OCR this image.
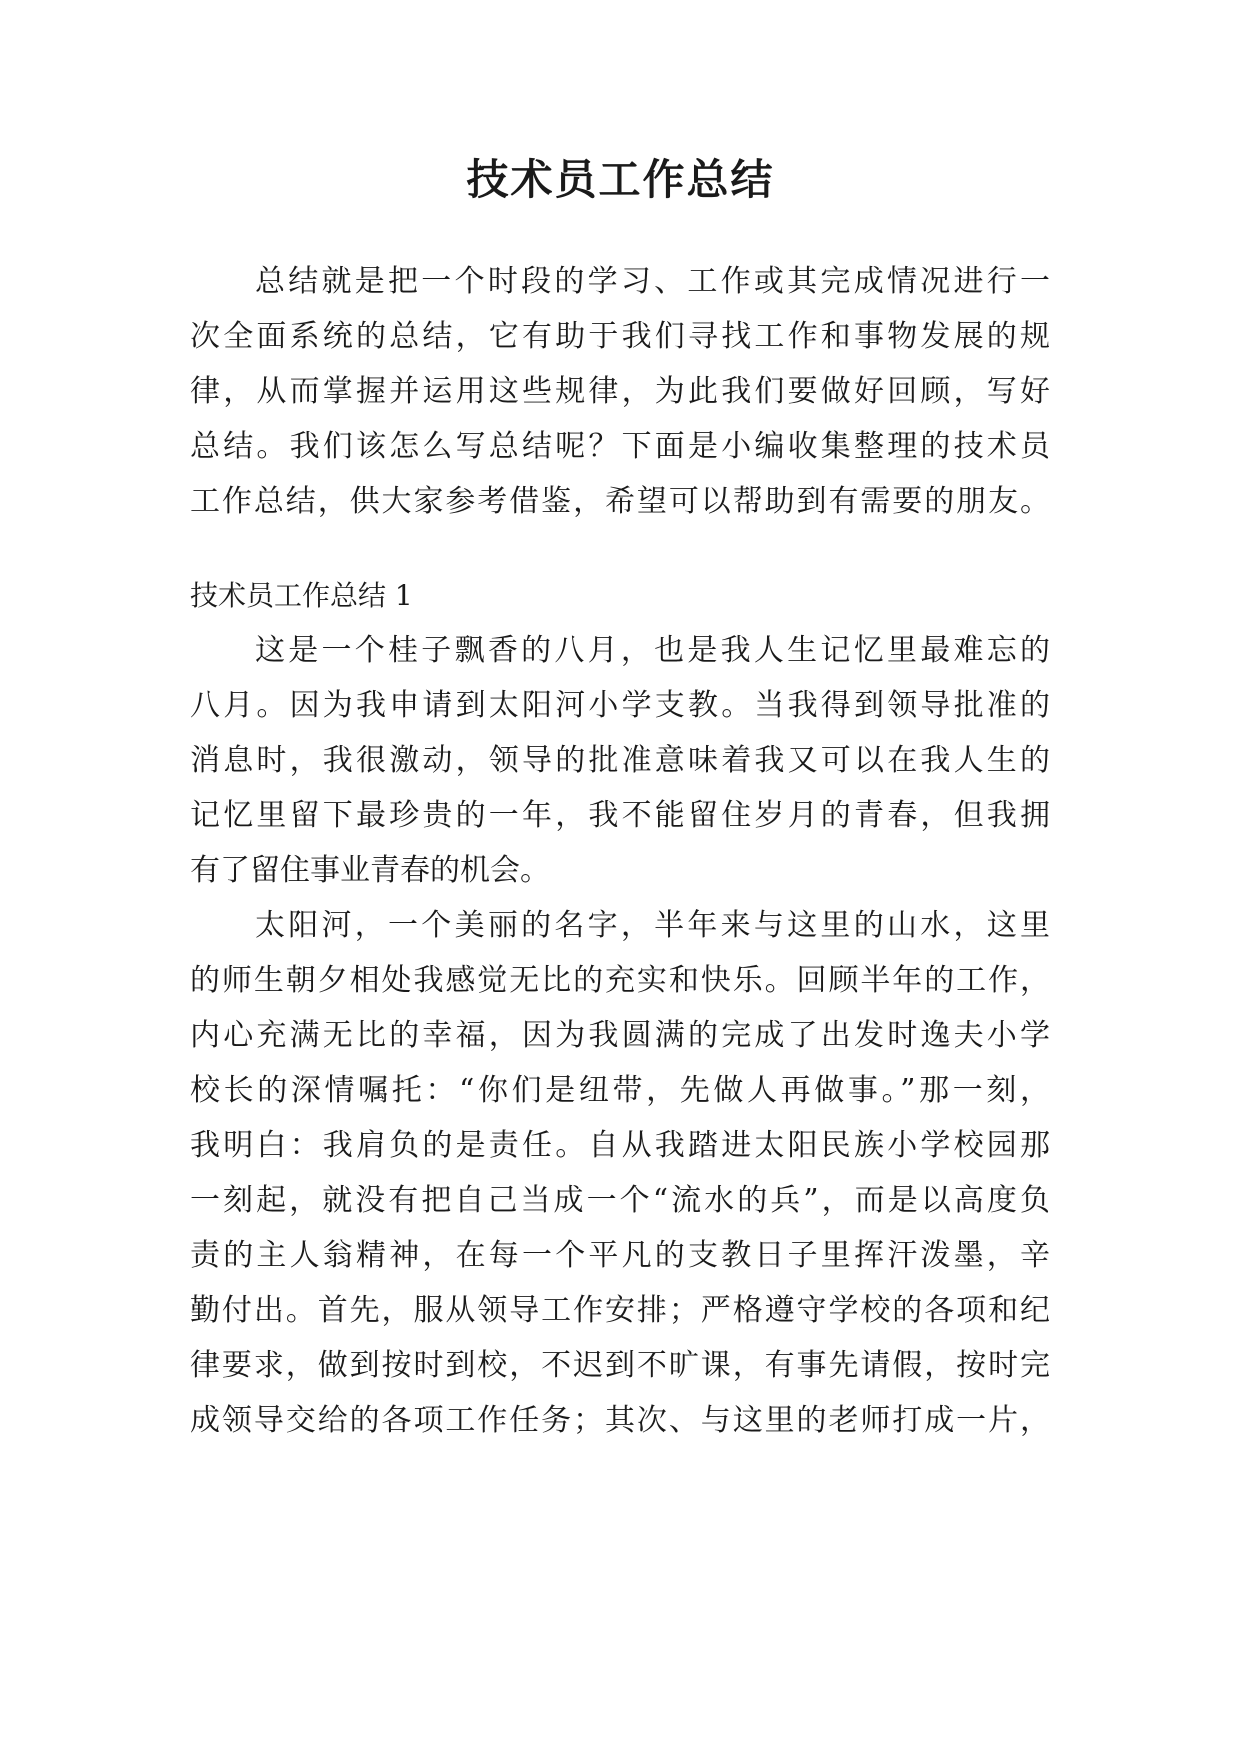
技术员工作总结
总结就是把一个时段的学习、工作或其完成情况进行一
次全面系统的总结，它有助于我们寻找工作和事物发展的规
律，从而掌握并运用这些规律，为此我们要做好回顾，写好
总结。我们该怎么写总结呢？下面是小编收集整理的技术员
工作总结，供大家参考借鉴，希望可以帮助到有需要的朋友。
技术员工作总结 1
这是一个桂子飘香的八月，也是我人生记忆里最难忘的
八月。因为我申请到太阳河小学支教。当我得到领导批准的
消息时，我很激动，领导的批准意味着我又可以在我人生的
记忆里留下最珍贵的一年，我不能留住岁月的青春，但我拥
有了留住事业青春的机会。
太阳河，一个美丽的名字，半年来与这里的山水，这里
的师生朝夕相处我感觉无比的充实和快乐。回顾半年的工作，
内心充满无比的幸福，因为我圆满的完成了出发时逸夫小学
校长的深情嘱托：“你们是纽带，先做人再做事。”那一刻，
我明白：我肩负的是责任。自从我踏进太阳民族小学校园那
一刻起，就没有把自己当成一个“流水的兵”，而是以高度负
责的主人翁精神，在每一个平凡的支教日子里挥汗泼墨，辛
勤付出。首先，服从领导工作安排；严格遵守学校的各项和纪
律要求，做到按时到校，不迟到不旷课，有事先请假，按时完
成领导交给的各项工作任务；其次、与这里的老师打成一片，
